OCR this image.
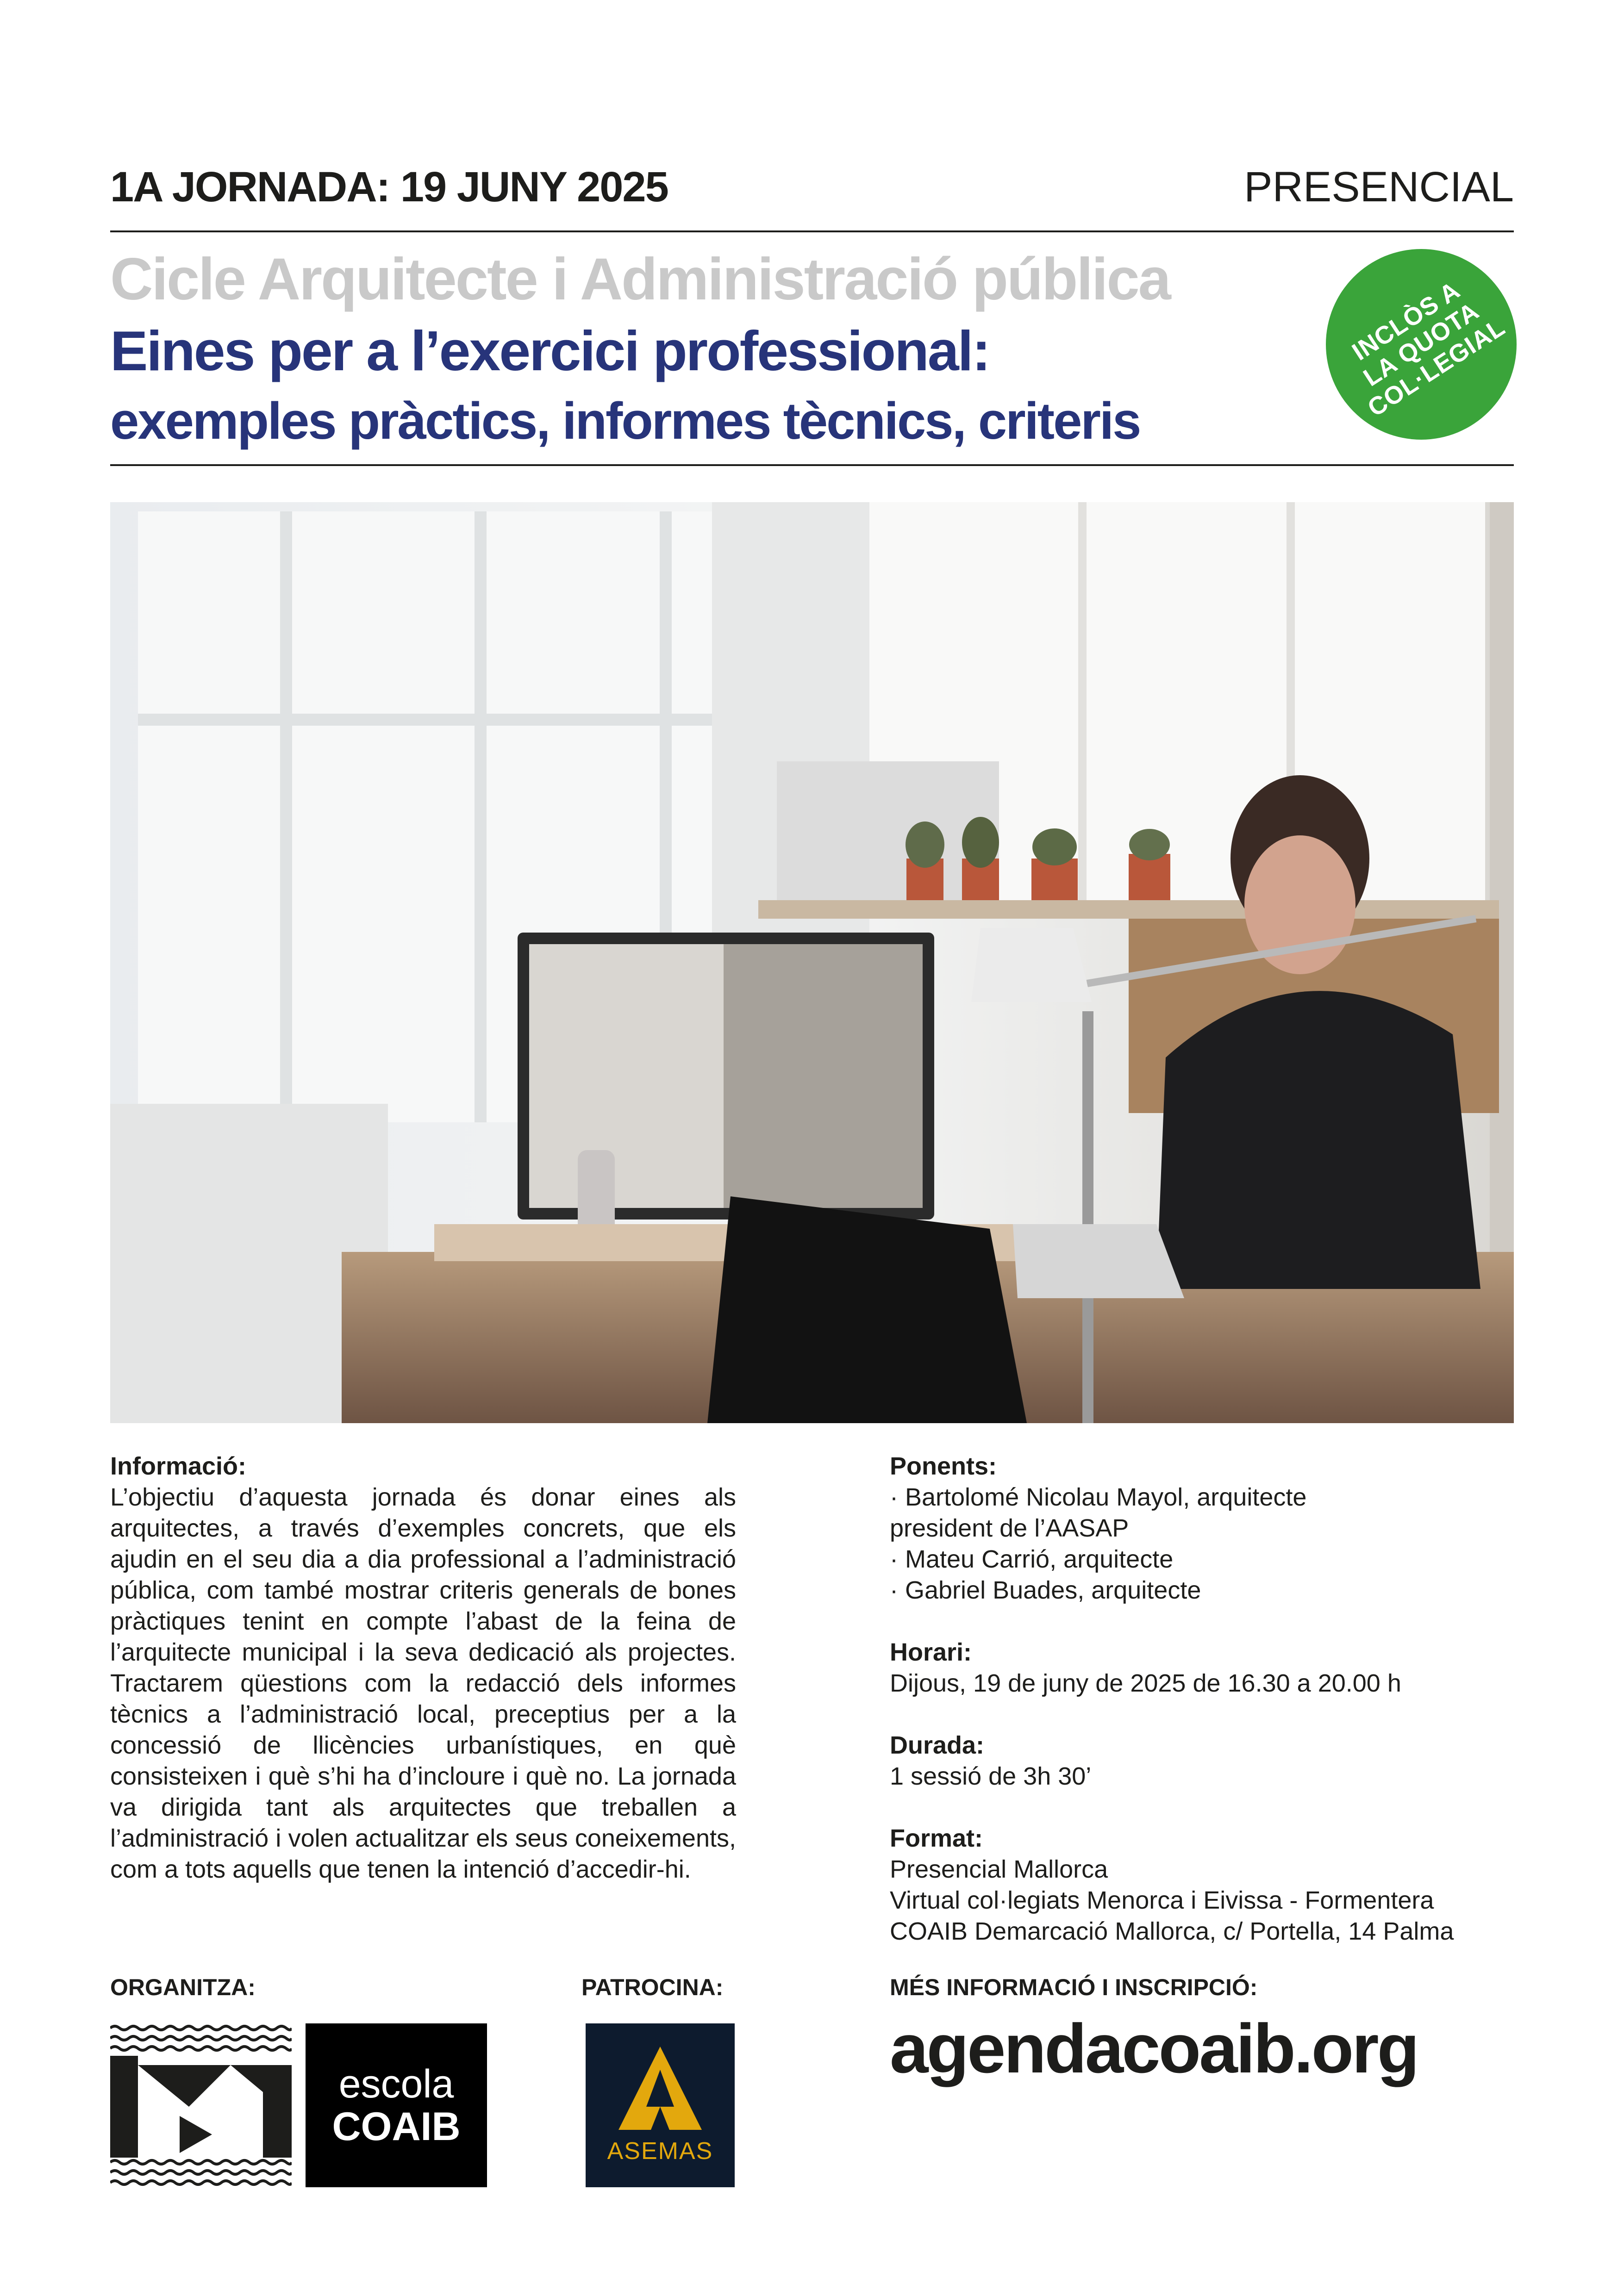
1A JORNADA: 19 JUNY 2025	PRESENCIAL
Cicle Arquitecte i Administració pública
Eines per a l’exercici professional:
exemples pràctics, informes tècnics, criteris
INCLÒS A
LA QUOTA
COL·LEGIAL
Informació:
L’objectiu d’aquesta jornada és donar eines als arquitectes, a través d’exemples concrets, que els ajudin en el seu dia a dia professional a l’administració pública, com també mostrar criteris generals de bones pràctiques tenint en compte l’abast de la feina de l’arquitecte municipal i la seva dedicació als projectes. Tractarem qüestions com la redacció dels informes tècnics a l’administració local, preceptius per a la concessió de llicències urbanístiques, en què consisteixen i què s’hi ha d’incloure i què no. La jornada va dirigida tant als arquitectes que treballen a l’administració i volen actualitzar els seus coneixements, com a tots aquells que tenen la intenció d’accedir-hi.
Ponents:
· Bartolomé Nicolau Mayol, arquitecte
president de l’AASAP
· Mateu Carrió, arquitecte
· Gabriel Buades, arquitecte
Horari:
Dijous, 19 de juny de 2025 de 16.30 a 20.00 h
Durada:
1 sessió de 3h 30’
Format:
Presencial Mallorca
Virtual col·legiats Menorca i Eivissa - Formentera
COAIB Demarcació Mallorca, c/ Portella, 14 Palma
ORGANITZA:	PATROCINA:	MÉS INFORMACIÓ I INSCRIPCIÓ:
escola
COAIB
ASEMAS
agendacoaib.org
